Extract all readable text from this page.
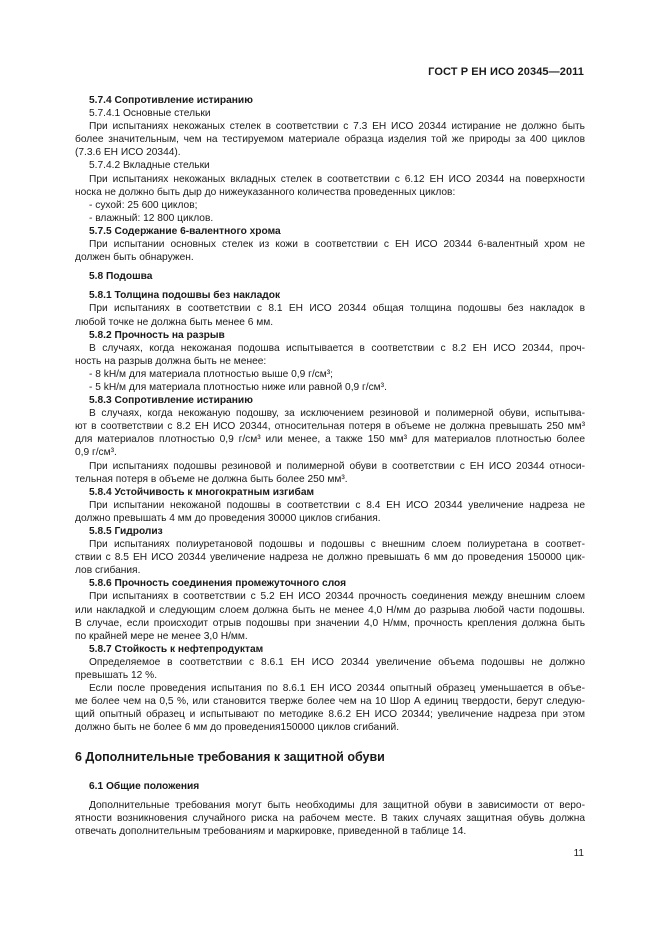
ГОСТ Р ЕН ИСО 20345—2011

5.7.4 Сопротивление истиранию

5.7.4.1 Основные стельки

При испытаниях некожаных стелек в соответствии с 7.3 ЕН ИСО 20344 истирание не должно быть

более значительным, чем на тестируемом материале образца изделия той же природы за 400 циклов

(7.3.6 ЕН ИСО 20344).

5.7.4.2 Вкладные стельки

При испытаниях некожаных вкладных стелек в соответствии с 6.12 ЕН ИСО 20344 на поверхности

носка не должно быть дыр до нижеуказанного количества проведенных циклов:

- сухой: 25 600 циклов;

- влажный: 12 800 циклов.

5.7.5 Содержание 6-валентного хрома

При испытании основных стелек из кожи в соответствии с ЕН ИСО 20344 6-валентный хром не

должен быть обнаружен.

5.8 Подошва

5.8.1 Толщина подошвы без накладок

При испытаниях в соответствии с 8.1 ЕН ИСО 20344 общая толщина подошвы без накладок в

любой точке не должна быть менее 6 мм.

5.8.2 Прочность на разрыв

В случаях, когда некожаная подошва испытывается в соответствии с 8.2 ЕН ИСО 20344, проч-

ность на разрыв должна быть не менее:

- 8 kH/м для материала плотностью выше 0,9 г/см³;

- 5 kH/м для материала плотностью ниже или равной 0,9 г/см³.

5.8.3 Сопротивление истиранию

В случаях, когда некожаную подошву, за исключением резиновой и полимерной обуви, испытыва-

ют в соответствии с 8.2 ЕН ИСО 20344, относительная потеря в объеме не должна превышать 250 мм³

для материалов плотностью 0,9 г/см³ или менее, а также 150 мм³ для материалов плотностью более

0,9 г/см³.

При испытаниях подошвы резиновой и полимерной обуви в соответствии с ЕН ИСО 20344 относи-

тельная потеря в объеме не должна быть более 250 мм³.

5.8.4 Устойчивость к многократным изгибам

При испытании некожаной подошвы в соответствии с 8.4 ЕН ИСО 20344 увеличение надреза не

должно превышать 4 мм до проведения 30000 циклов сгибания.

5.8.5 Гидролиз

При испытаниях полиуретановой подошвы и подошвы с внешним слоем полиуретана в соответ-

ствии с 8.5 ЕН ИСО 20344 увеличение надреза не должно превышать 6 мм до проведения 150000 цик-

лов сгибания.

5.8.6 Прочность соединения промежуточного слоя

При испытаниях в соответствии с 5.2 ЕН ИСО 20344 прочность соединения между внешним слоем

или накладкой и следующим слоем должна быть не менее 4,0 Н/мм до разрыва любой части подошвы.

В случае, если происходит отрыв подошвы при значении 4,0 Н/мм, прочность крепления должна быть

по крайней мере не менее 3,0 Н/мм.

5.8.7 Стойкость к нефтепродуктам

Определяемое в соответствии с 8.6.1 ЕН ИСО 20344 увеличение объема подошвы не должно

превышать 12 %.

Если после проведения испытания по 8.6.1 ЕН ИСО 20344 опытный образец уменьшается в объе-

ме более чем на 0,5 %, или становится тверже более чем на 10 Шор А единиц твердости, берут следую-

щий опытный образец и испытывают по методике 8.6.2 ЕН ИСО 20344; увеличение надреза при этом

должно быть не более 6 мм до проведения150000 циклов сгибаний.

6 Дополнительные требования к защитной обуви

6.1 Общие положения

Дополнительные требования могут быть необходимы для защитной обуви в зависимости от веро-

ятности возникновения случайного риска на рабочем месте. В таких случаях защитная обувь должна

отвечать дополнительным требованиям и маркировке, приведенной в таблице 14.

11
